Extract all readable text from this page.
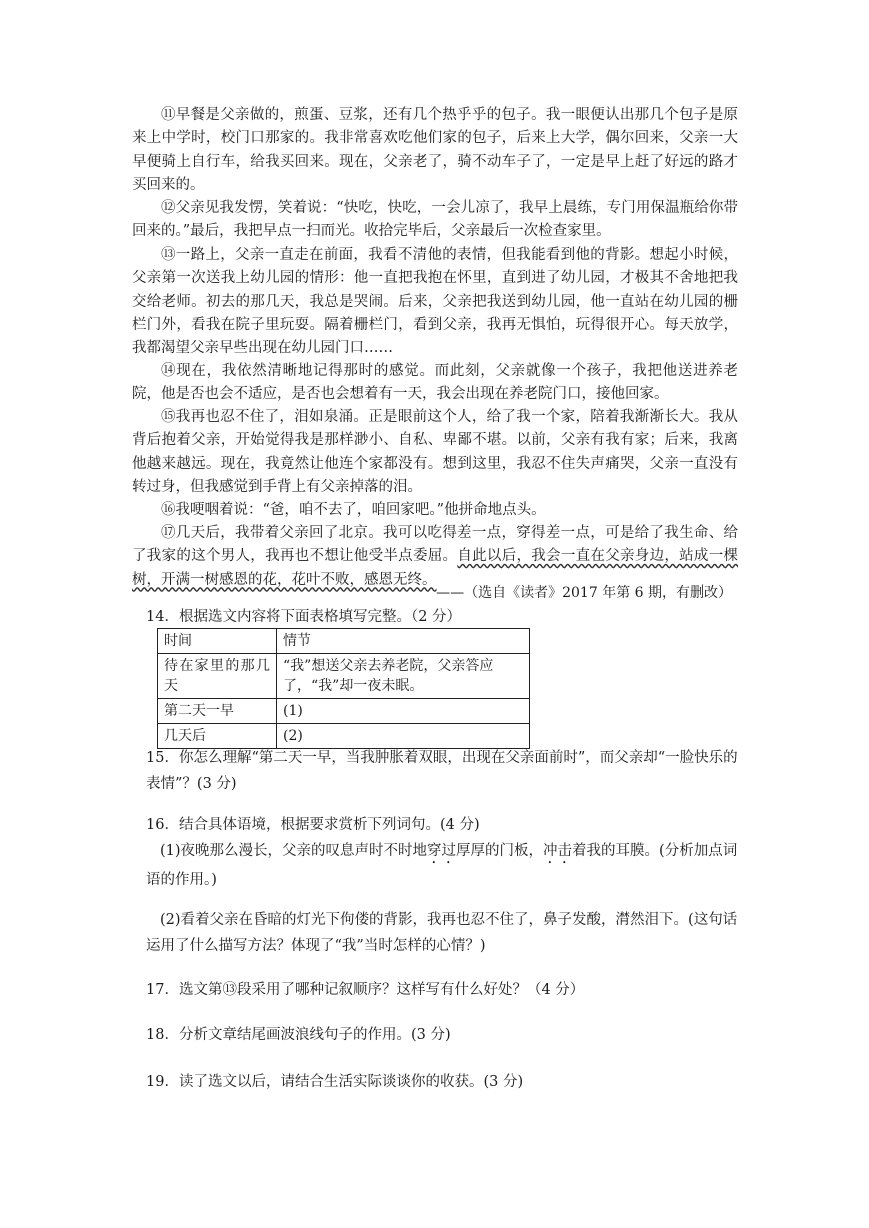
⑪早餐是父亲做的，煎蛋、豆浆，还有几个热乎乎的包子。我一眼便认出那几个包子是原来上中学时，校门口那家的。我非常喜欢吃他们家的包子，后来上大学，偶尔回来，父亲一大早便骑上自行车，给我买回来。现在，父亲老了，骑不动车子了，一定是早上赶了好远的路才买回来的。

⑫父亲见我发愣，笑着说：“快吃，快吃，一会儿凉了，我早上晨练，专门用保温瓶给你带回来的。”最后，我把早点一扫而光。收拾完毕后，父亲最后一次检查家里。

⑬一路上，父亲一直走在前面，我看不清他的表情，但我能看到他的背影。想起小时候，父亲第一次送我上幼儿园的情形：他一直把我抱在怀里，直到进了幼儿园，才极其不舍地把我交给老师。初去的那几天，我总是哭闹。后来，父亲把我送到幼儿园，他一直站在幼儿园的栅栏门外，看我在院子里玩耍。隔着栅栏门，看到父亲，我再无惧怕，玩得很开心。每天放学，我都渴望父亲早些出现在幼儿园门口……

⑭现在，我依然清晰地记得那时的感觉。而此刻，父亲就像一个孩子，我把他送进养老院，他是否也会不适应，是否也会想着有一天，我会出现在养老院门口，接他回家。

⑮我再也忍不住了，泪如泉涌。正是眼前这个人，给了我一个家，陪着我渐渐长大。我从背后抱着父亲，开始觉得我是那样渺小、自私、卑鄙不堪。以前，父亲有我有家；后来，我离他越来越远。现在，我竟然让他连个家都没有。想到这里，我忍不住失声痛哭，父亲一直没有转过身，但我感觉到手背上有父亲掉落的泪。

⑯我哽咽着说：“爸，咱不去了，咱回家吧。”他拼命地点头。

⑰几天后，我带着父亲回了北京。我可以吃得差一点，穿得差一点，可是给了我生命、给了我家的这个男人，我再也不想让他受半点委屈。自此以后，我会一直在父亲身边，站成一棵树，开满一树感恩的花，花叶不败，感恩无终。

——（选自《读者》2017 年第 6 期，有删改）

14．根据选文内容将下面表格填写完整。（2 分）

时间	情节
待在家里的那几天	“我”想送父亲去养老院，父亲答应了，“我”却一夜未眠。
第二天一早	(1)
几天后	(2)

15．你怎么理解“第二天一早，当我肿胀着双眼，出现在父亲面前时”，而父亲却“一脸快乐的表情”？(3 分)

16．结合具体语境，根据要求赏析下列词句。(4 分)

(1)夜晚那么漫长，父亲的叹息声时不时地穿过厚厚的门板，冲击着我的耳膜。(分析加点词语的作用。)

(2)看着父亲在昏暗的灯光下佝偻的背影，我再也忍不住了，鼻子发酸，潸然泪下。(这句话运用了什么描写方法？体现了“我”当时怎样的心情？)

17．选文第⑬段采用了哪种记叙顺序？这样写有什么好处？（4 分）

18．分析文章结尾画波浪线句子的作用。(3 分)

19．读了选文以后，请结合生活实际谈谈你的收获。(3 分)
